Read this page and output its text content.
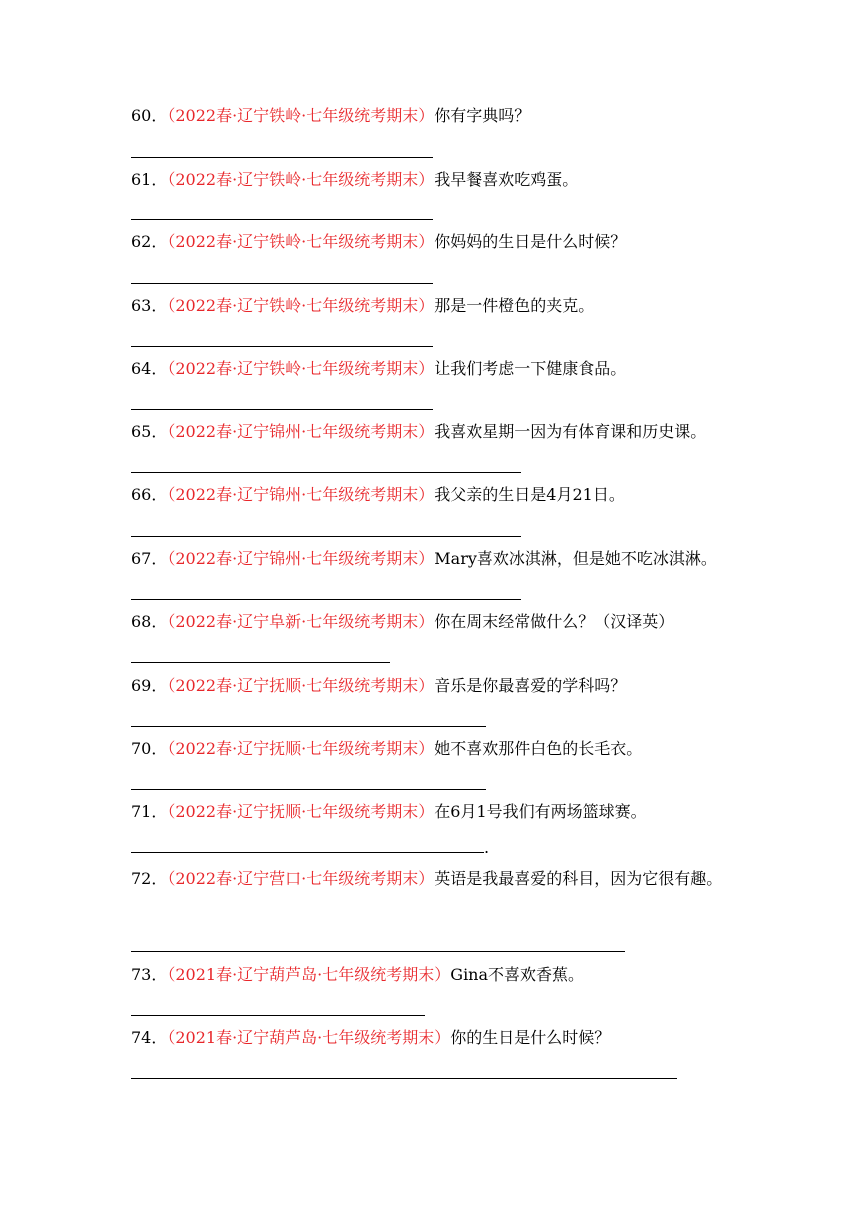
60．（2022春·辽宁铁岭·七年级统考期末）你有字典吗？
61．（2022春·辽宁铁岭·七年级统考期末）我早餐喜欢吃鸡蛋。
62．（2022春·辽宁铁岭·七年级统考期末）你妈妈的生日是什么时候？
63．（2022春·辽宁铁岭·七年级统考期末）那是一件橙色的夹克。
64．（2022春·辽宁铁岭·七年级统考期末）让我们考虑一下健康食品。
65．（2022春·辽宁锦州·七年级统考期末）我喜欢星期一因为有体育课和历史课。
66．（2022春·辽宁锦州·七年级统考期末）我父亲的生日是4月21日。
67．（2022春·辽宁锦州·七年级统考期末）Mary喜欢冰淇淋，但是她不吃冰淇淋。
68．（2022春·辽宁阜新·七年级统考期末）你在周末经常做什么？（汉译英）
69．（2022春·辽宁抚顺·七年级统考期末）音乐是你最喜爱的学科吗？
70．（2022春·辽宁抚顺·七年级统考期末）她不喜欢那件白色的长毛衣。
71．（2022春·辽宁抚顺·七年级统考期末）在6月1号我们有两场篮球赛。
.
72．（2022春·辽宁营口·七年级统考期末）英语是我最喜爱的科目，因为它很有趣。
73．（2021春·辽宁葫芦岛·七年级统考期末）Gina不喜欢香蕉。
74．（2021春·辽宁葫芦岛·七年级统考期末）你的生日是什么时候？
